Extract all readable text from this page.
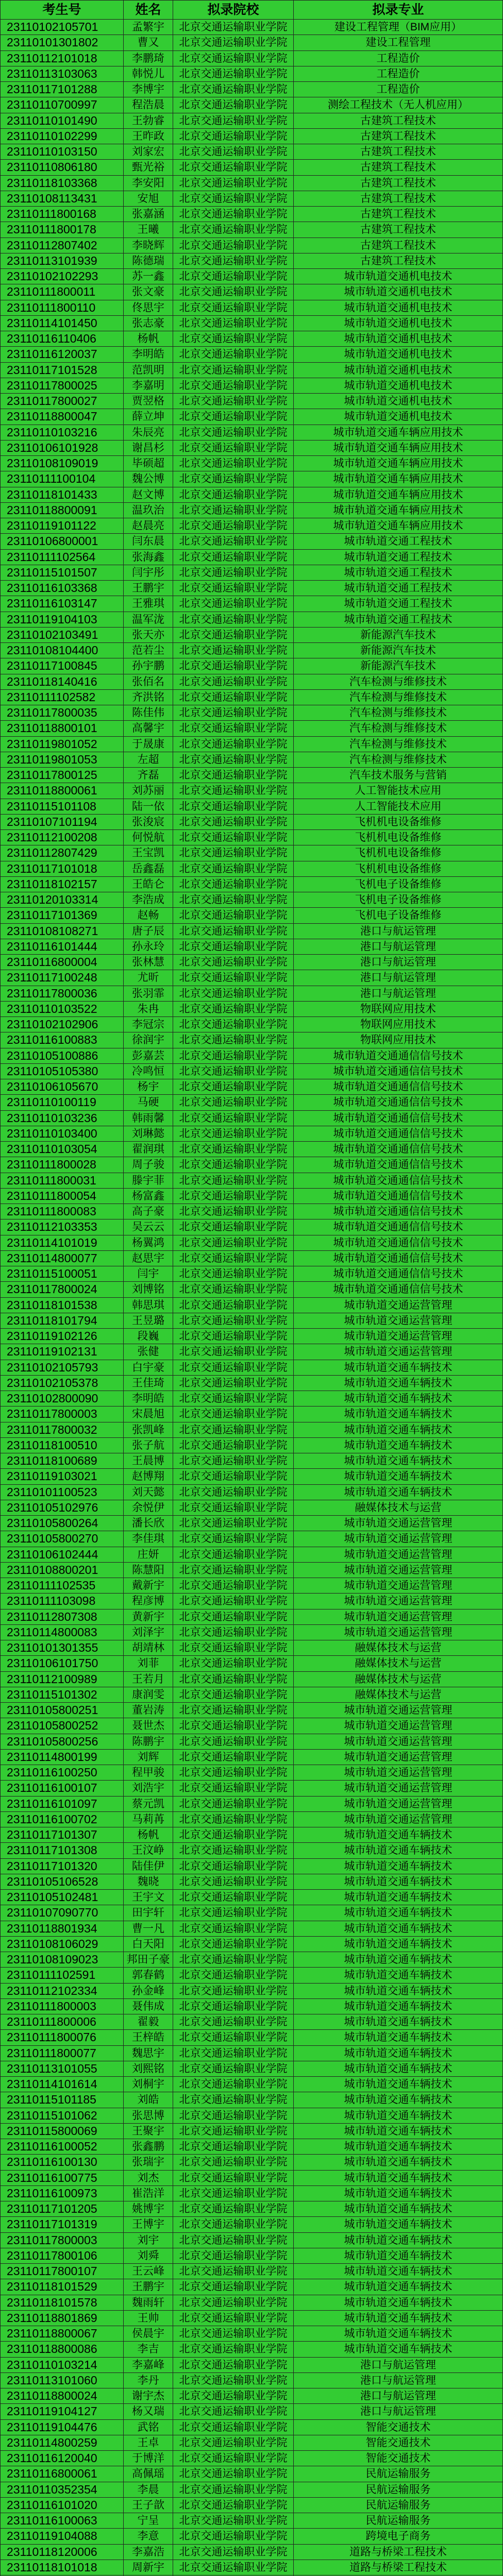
考生号	姓名	拟录院校	拟录专业
23110102105701	孟繁宇	北京交通运输职业学院	建设工程管理（BIM应用）
23110101301802	曹又	北京交通运输职业学院	建设工程管理
23110112101018	李鹏琦	北京交通运输职业学院	工程造价
23110113103063	韩悦儿	北京交通运输职业学院	工程造价
23110117101288	李博宇	北京交通运输职业学院	工程造价
23110110700997	程浩晨	北京交通运输职业学院	测绘工程技术（无人机应用）
23110110101490	王勃睿	北京交通运输职业学院	古建筑工程技术
23110110102299	王昨政	北京交通运输职业学院	古建筑工程技术
23110110103150	刘家宏	北京交通运输职业学院	古建筑工程技术
23110110806180	甄光裕	北京交通运输职业学院	古建筑工程技术
23110118103368	李安阳	北京交通运输职业学院	古建筑工程技术
23110108113431	安旭	北京交通运输职业学院	古建筑工程技术
23110111800168	张嘉涵	北京交通运输职业学院	古建筑工程技术
23110111800178	王曦	北京交通运输职业学院	古建筑工程技术
23110112807402	李晓辉	北京交通运输职业学院	古建筑工程技术
23110113101939	陈德瑞	北京交通运输职业学院	古建筑工程技术
23110102102293	苏一鑫	北京交通运输职业学院	城市轨道交通机电技术
23110111800011	张文豪	北京交通运输职业学院	城市轨道交通机电技术
23110111800110	佟思宇	北京交通运输职业学院	城市轨道交通机电技术
23110114101450	张志豪	北京交通运输职业学院	城市轨道交通机电技术
23110116110406	杨帆	北京交通运输职业学院	城市轨道交通机电技术
23110116120037	李明皓	北京交通运输职业学院	城市轨道交通机电技术
23110117101528	范凯明	北京交通运输职业学院	城市轨道交通机电技术
23110117800025	李嘉明	北京交通运输职业学院	城市轨道交通机电技术
23110117800027	贾翌格	北京交通运输职业学院	城市轨道交通机电技术
23110118800047	薛立坤	北京交通运输职业学院	城市轨道交通机电技术
23110110103216	朱辰亮	北京交通运输职业学院	城市轨道交通车辆应用技术
23110106101928	谢昌杉	北京交通运输职业学院	城市轨道交通车辆应用技术
23110108109019	毕硕超	北京交通运输职业学院	城市轨道交通车辆应用技术
23110111100104	魏公博	北京交通运输职业学院	城市轨道交通车辆应用技术
23110118101433	赵文博	北京交通运输职业学院	城市轨道交通车辆应用技术
23110118800091	温玖治	北京交通运输职业学院	城市轨道交通车辆应用技术
23110119101122	赵晨亮	北京交通运输职业学院	城市轨道交通车辆应用技术
23110106800001	闫东晨	北京交通运输职业学院	城市轨道交通工程技术
23110111102564	张海鑫	北京交通运输职业学院	城市轨道交通工程技术
23110115101507	闫宇彤	北京交通运输职业学院	城市轨道交通工程技术
23110116103368	王鹏宇	北京交通运输职业学院	城市轨道交通工程技术
23110116103147	王雅琪	北京交通运输职业学院	城市轨道交通工程技术
23110119104103	温军泷	北京交通运输职业学院	城市轨道交通工程技术
23110102103491	张天亦	北京交通运输职业学院	新能源汽车技术
23110108104400	范若尘	北京交通运输职业学院	新能源汽车技术
23110117100845	孙宇鹏	北京交通运输职业学院	新能源汽车技术
23110118140416	张佰名	北京交通运输职业学院	汽车检测与维修技术
23110111102582	齐洪铭	北京交通运输职业学院	汽车检测与维修技术
23110117800035	陈佳伟	北京交通运输职业学院	汽车检测与维修技术
23110118800101	高馨宇	北京交通运输职业学院	汽车检测与维修技术
23110119801052	于晟康	北京交通运输职业学院	汽车检测与维修技术
23110119801053	左超	北京交通运输职业学院	汽车检测与维修技术
23110117800125	齐磊	北京交通运输职业学院	汽车技术服务与营销
23110118800061	刘苏丽	北京交通运输职业学院	人工智能技术应用
23110115101108	陆一依	北京交通运输职业学院	人工智能技术应用
23110107101194	张浚宸	北京交通运输职业学院	飞机机电设备维修
23110112100208	何悦航	北京交通运输职业学院	飞机机电设备维修
23110112807429	王宝凯	北京交通运输职业学院	飞机机电设备维修
23110117101018	岳鑫磊	北京交通运输职业学院	飞机机电设备维修
23110118102157	王皓仑	北京交通运输职业学院	飞机电子设备维修
23110120103314	李浩成	北京交通运输职业学院	飞机电子设备维修
23110117101369	赵畅	北京交通运输职业学院	飞机电子设备维修
23110108108271	唐子辰	北京交通运输职业学院	港口与航运管理
23110116101444	孙永玲	北京交通运输职业学院	港口与航运管理
23110116800004	张林慧	北京交通运输职业学院	港口与航运管理
23110117100248	尤昕	北京交通运输职业学院	港口与航运管理
23110117800036	张羽霏	北京交通运输职业学院	港口与航运管理
23110110103522	朱冉	北京交通运输职业学院	物联网应用技术
23110102102906	李冠宗	北京交通运输职业学院	物联网应用技术
23110116100883	徐润宇	北京交通运输职业学院	物联网应用技术
23110105100886	彭嘉芸	北京交通运输职业学院	城市轨道交通通信信号技术
23110105105380	冷鸣恒	北京交通运输职业学院	城市轨道交通通信信号技术
23110106105670	杨宇	北京交通运输职业学院	城市轨道交通通信信号技术
23110110100119	马硬	北京交通运输职业学院	城市轨道交通通信信号技术
23110110103236	韩雨馨	北京交通运输职业学院	城市轨道交通通信信号技术
23110110103400	刘琳懿	北京交通运输职业学院	城市轨道交通通信信号技术
23110110103054	翟润琪	北京交通运输职业学院	城市轨道交通通信信号技术
23110111800028	周子骏	北京交通运输职业学院	城市轨道交通通信信号技术
23110111800031	滕宇菲	北京交通运输职业学院	城市轨道交通通信信号技术
23110111800054	杨富鑫	北京交通运输职业学院	城市轨道交通通信信号技术
23110111800083	高子豪	北京交通运输职业学院	城市轨道交通通信信号技术
23110112103353	吴云云	北京交通运输职业学院	城市轨道交通通信信号技术
23110114101019	杨翼鸿	北京交通运输职业学院	城市轨道交通通信信号技术
23110114800077	赵思宇	北京交通运输职业学院	城市轨道交通通信信号技术
23110115100051	闫宇	北京交通运输职业学院	城市轨道交通通信信号技术
23110117800024	刘博铭	北京交通运输职业学院	城市轨道交通通信信号技术
23110118101538	韩思琪	北京交通运输职业学院	城市轨道交通运营管理
23110118101794	王昱璐	北京交通运输职业学院	城市轨道交通运营管理
23110119102126	段巍	北京交通运输职业学院	城市轨道交通运营管理
23110119102131	张健	北京交通运输职业学院	城市轨道交通运营管理
23110102105793	白宇豪	北京交通运输职业学院	城市轨道交通车辆技术
23110102105378	王佳琦	北京交通运输职业学院	城市轨道交通车辆技术
23110102800090	李明皓	北京交通运输职业学院	城市轨道交通车辆技术
23110117800003	宋晨旭	北京交通运输职业学院	城市轨道交通车辆技术
23110117800032	张凯峰	北京交通运输职业学院	城市轨道交通车辆技术
23110118100510	张子航	北京交通运输职业学院	城市轨道交通车辆技术
23110118100689	王晨博	北京交通运输职业学院	城市轨道交通车辆技术
23110119103021	赵博翔	北京交通运输职业学院	城市轨道交通车辆技术
23110101100523	刘天懿	北京交通运输职业学院	城市轨道交通车辆技术
23110105102976	余悦伊	北京交通运输职业学院	融媒体技术与运营
23110105800264	潘长欣	北京交通运输职业学院	城市轨道交通运营管理
23110105800270	李佳琪	北京交通运输职业学院	城市轨道交通运营管理
23110106102444	庄妍	北京交通运输职业学院	城市轨道交通运营管理
23110108800201	陈慧阳	北京交通运输职业学院	城市轨道交通运营管理
23110111102535	戴新宇	北京交通运输职业学院	城市轨道交通运营管理
23110111103098	程彦博	北京交通运输职业学院	城市轨道交通运营管理
23110112807308	黄新宇	北京交通运输职业学院	城市轨道交通运营管理
23110114800083	刘泽宇	北京交通运输职业学院	城市轨道交通运营管理
23110101301355	胡靖林	北京交通运输职业学院	融媒体技术与运营
23110106101750	刘菲	北京交通运输职业学院	融媒体技术与运营
23110112100989	王若月	北京交通运输职业学院	融媒体技术与运营
23110115101302	康润雯	北京交通运输职业学院	融媒体技术与运营
23110105800251	董岩涛	北京交通运输职业学院	城市轨道交通运营管理
23110105800252	聂世杰	北京交通运输职业学院	城市轨道交通运营管理
23110105800256	陈鹏宇	北京交通运输职业学院	城市轨道交通运营管理
23110114800199	刘辉	北京交通运输职业学院	城市轨道交通运营管理
23110116100250	程甲骏	北京交通运输职业学院	城市轨道交通运营管理
23110116100107	刘浩宇	北京交通运输职业学院	城市轨道交通运营管理
23110116101097	蔡元凯	北京交通运输职业学院	城市轨道交通运营管理
23110116100702	马莉苒	北京交通运输职业学院	城市轨道交通运营管理
23110117101307	杨帆	北京交通运输职业学院	城市轨道交通车辆技术
23110117101308	王汶峥	北京交通运输职业学院	城市轨道交通车辆技术
23110117101320	陆佳伊	北京交通运输职业学院	城市轨道交通车辆技术
23110105106528	魏晓	北京交通运输职业学院	城市轨道交通车辆技术
23110105102481	王宇文	北京交通运输职业学院	城市轨道交通车辆技术
23110107090770	田宇轩	北京交通运输职业学院	城市轨道交通车辆技术
23110118801934	曹一凡	北京交通运输职业学院	城市轨道交通车辆技术
23110108106029	白天阳	北京交通运输职业学院	城市轨道交通车辆技术
23110108109023	邦田子豪 北京交通运输职业学院	城市轨道交通车辆技术
23110111102591	郭春鹤	北京交通运输职业学院	城市轨道交通车辆技术
23110112102334	孙金峰	北京交通运输职业学院	城市轨道交通车辆技术
23110111800003	聂伟成	北京交通运输职业学院	城市轨道交通车辆技术
23110111800006	翟毅	北京交通运输职业学院	城市轨道交通车辆技术
23110111800076	王梓皓	北京交通运输职业学院	城市轨道交通车辆技术
23110111800077	魏思宇	北京交通运输职业学院	城市轨道交通车辆技术
23110113101055	刘熙铭	北京交通运输职业学院	城市轨道交通车辆技术
23110114101614	刘桐宇	北京交通运输职业学院	城市轨道交通车辆技术
23110115101185	刘皓	北京交通运输职业学院	城市轨道交通车辆技术
23110115101062	张思博	北京交通运输职业学院	城市轨道交通车辆技术
23110115800069	王聚宇	北京交通运输职业学院	城市轨道交通车辆技术
23110116100052	张鑫鹏	北京交通运输职业学院	城市轨道交通车辆技术
23110116100130	张瑞宇	北京交通运输职业学院	城市轨道交通车辆技术
23110116100775	刘杰	北京交通运输职业学院	城市轨道交通车辆技术
23110116100973	崔浩洋	北京交通运输职业学院	城市轨道交通车辆技术
23110117101205	姚博宇	北京交通运输职业学院	城市轨道交通车辆技术
23110117101319	王博宇	北京交通运输职业学院	城市轨道交通车辆技术
23110117800003	刘宇	北京交通运输职业学院	城市轨道交通车辆技术
23110117800106	刘舜	北京交通运输职业学院	城市轨道交通车辆技术
23110117800107	王云峰	北京交通运输职业学院	城市轨道交通车辆技术
23110118101529	王鹏宇	北京交通运输职业学院	城市轨道交通车辆技术
23110118101578	魏雨轩	北京交通运输职业学院	城市轨道交通车辆技术
23110118801869	王帅	北京交通运输职业学院	城市轨道交通车辆技术
23110118800067	侯晨宇	北京交通运输职业学院	城市轨道交通车辆技术
23110118800086	李吉	北京交通运输职业学院	城市轨道交通车辆技术
23110110103214	李嘉峰	北京交通运输职业学院	港口与航运管理
23110113101060	李丹	北京交通运输职业学院	港口与航运管理
23110118800024	谢宇杰	北京交通运输职业学院	港口与航运管理
23110119104127	杨又瑞	北京交通运输职业学院	港口与航运管理
23110119104476	武铭	北京交通运输职业学院	智能交通技术
23110114800259	王卓	北京交通运输职业学院	智能交通技术
23110116120040	于博洋	北京交通运输职业学院	智能交通技术
23110116800061	高佩瑶	北京交通运输职业学院	民航运输服务
23110110352354	李晨	北京交通运输职业学院	民航运输服务
23110116101020	王子歆	北京交通运输职业学院	民航运输服务
23110116100063	宁呈	北京交通运输职业学院	民航运输服务
23110119104088	李意	北京交通运输职业学院	跨境电子商务
23110118120006	李嘉浩	北京交通运输职业学院	道路与桥梁工程技术
23110118101018	周新宇	北京交通运输职业学院	道路与桥梁工程技术
